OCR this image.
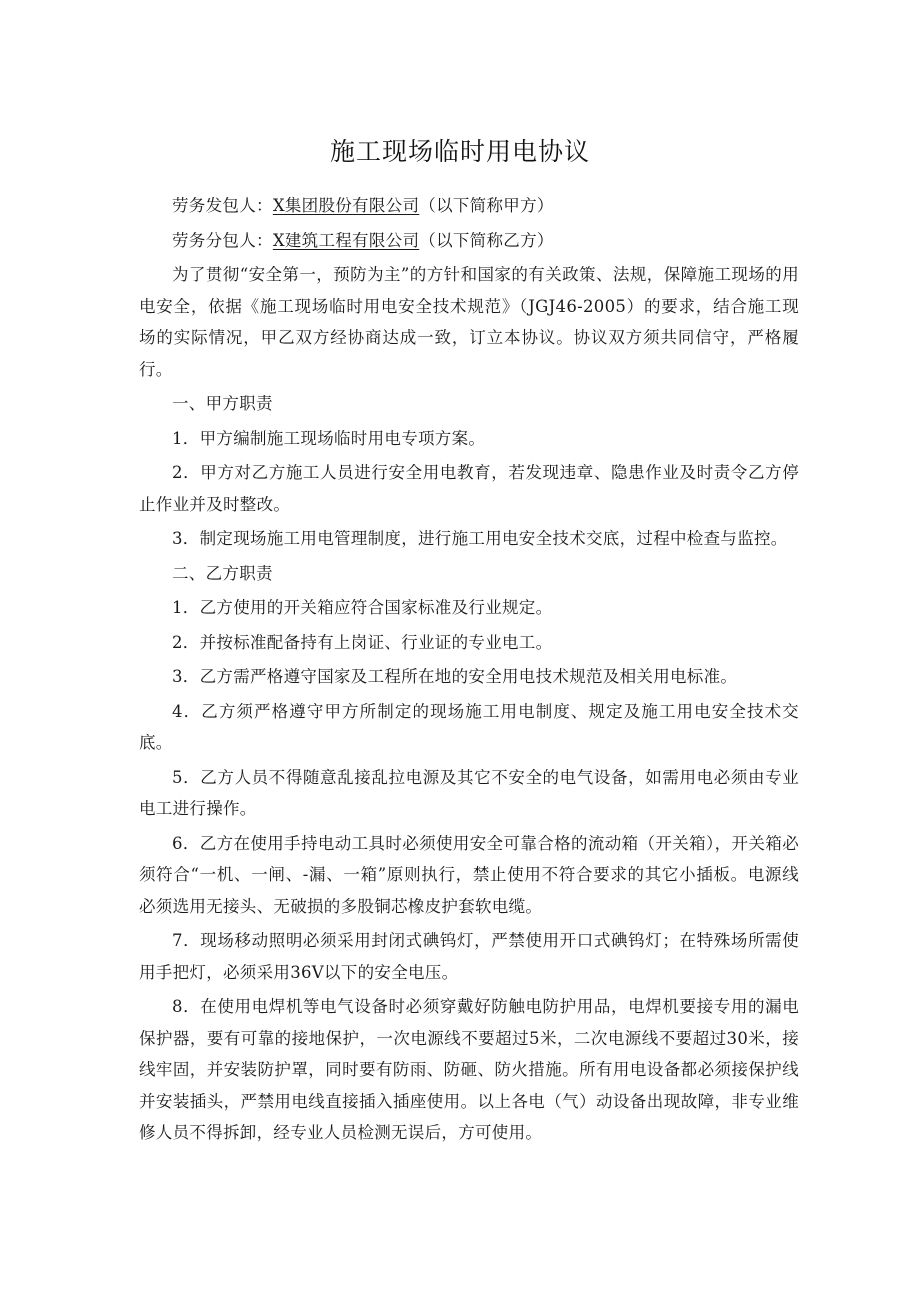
施工现场临时用电协议

劳务发包人：X集团股份有限公司（以下简称甲方）

劳务分包人：X建筑工程有限公司（以下简称乙方）

为了贯彻“安全第一，预防为主”的方针和国家的有关政策、法规，保障施工现场的用电安全，依据《施工现场临时用电安全技术规范》（JGJ46-2005）的要求，结合施工现场的实际情况，甲乙双方经协商达成一致，订立本协议。协议双方须共同信守，严格履行。

一、甲方职责

1．甲方编制施工现场临时用电专项方案。

2．甲方对乙方施工人员进行安全用电教育，若发现违章、隐患作业及时责令乙方停止作业并及时整改。

3．制定现场施工用电管理制度，进行施工用电安全技术交底，过程中检查与监控。

二、乙方职责

1．乙方使用的开关箱应符合国家标准及行业规定。

2．并按标准配备持有上岗证、行业证的专业电工。

3．乙方需严格遵守国家及工程所在地的安全用电技术规范及相关用电标准。

4．乙方须严格遵守甲方所制定的现场施工用电制度、规定及施工用电安全技术交底。

5．乙方人员不得随意乱接乱拉电源及其它不安全的电气设备，如需用电必须由专业电工进行操作。

6．乙方在使用手持电动工具时必须使用安全可靠合格的流动箱（开关箱），开关箱必须符合“一机、一闸、-漏、一箱”原则执行，禁止使用不符合要求的其它小插板。电源线必须选用无接头、无破损的多股铜芯橡皮护套软电缆。

7．现场移动照明必须采用封闭式碘钨灯，严禁使用开口式碘钨灯；在特殊场所需使用手把灯，必须采用36V以下的安全电压。

8．在使用电焊机等电气设备时必须穿戴好防触电防护用品，电焊机要接专用的漏电保护器，要有可靠的接地保护，一次电源线不要超过5米，二次电源线不要超过30米，接线牢固，并安装防护罩，同时要有防雨、防砸、防火措施。所有用电设备都必须接保护线并安装插头，严禁用电线直接插入插座使用。以上各电（气）动设备出现故障，非专业维修人员不得拆卸，经专业人员检测无误后，方可使用。
